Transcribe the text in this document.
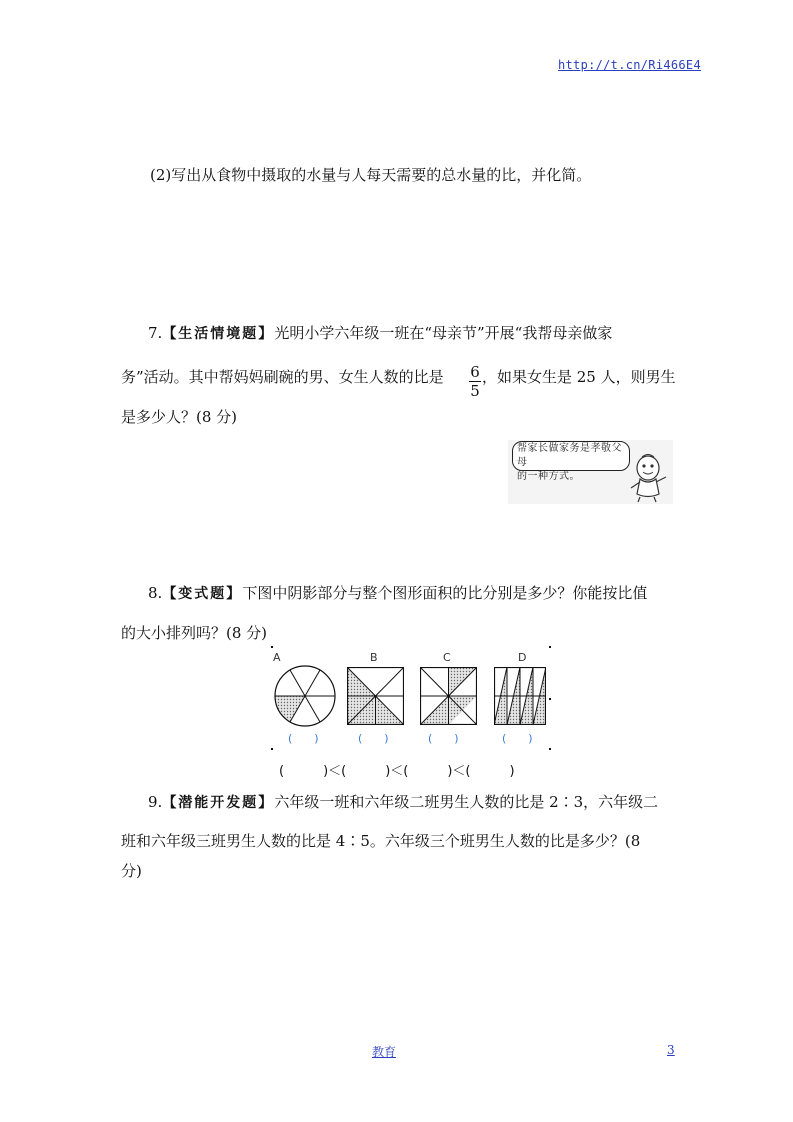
http://t.cn/Ri466E4
(2)写出从食物中摄取的水量与人每天需要的总水量的比，并化简。
7.【生活情境题】光明小学六年级一班在“母亲节”开展“我帮母亲做家
务”活动。其中帮妈妈刷碗的男、女生人数的比是 6
5
，如果女生是 25 人，则男生
是多少人？(8 分)
帮家长做家务是孝敬父母
的一种方式。
8.【变式题】下图中阴影部分与整个图形面积的比分别是多少？你能按比值
的大小排列吗？(8 分)
A	B	C	D
(　　)	(　　)	(　　)	(　　)
(　　　)＜(　　　)＜(　　　)＜(　　　)
9.【潜能开发题】六年级一班和六年级二班男生人数的比是 2∶3，六年级二
班和六年级三班男生人数的比是 4∶5。六年级三个班男生人数的比是多少？(8
分)
教育	3
